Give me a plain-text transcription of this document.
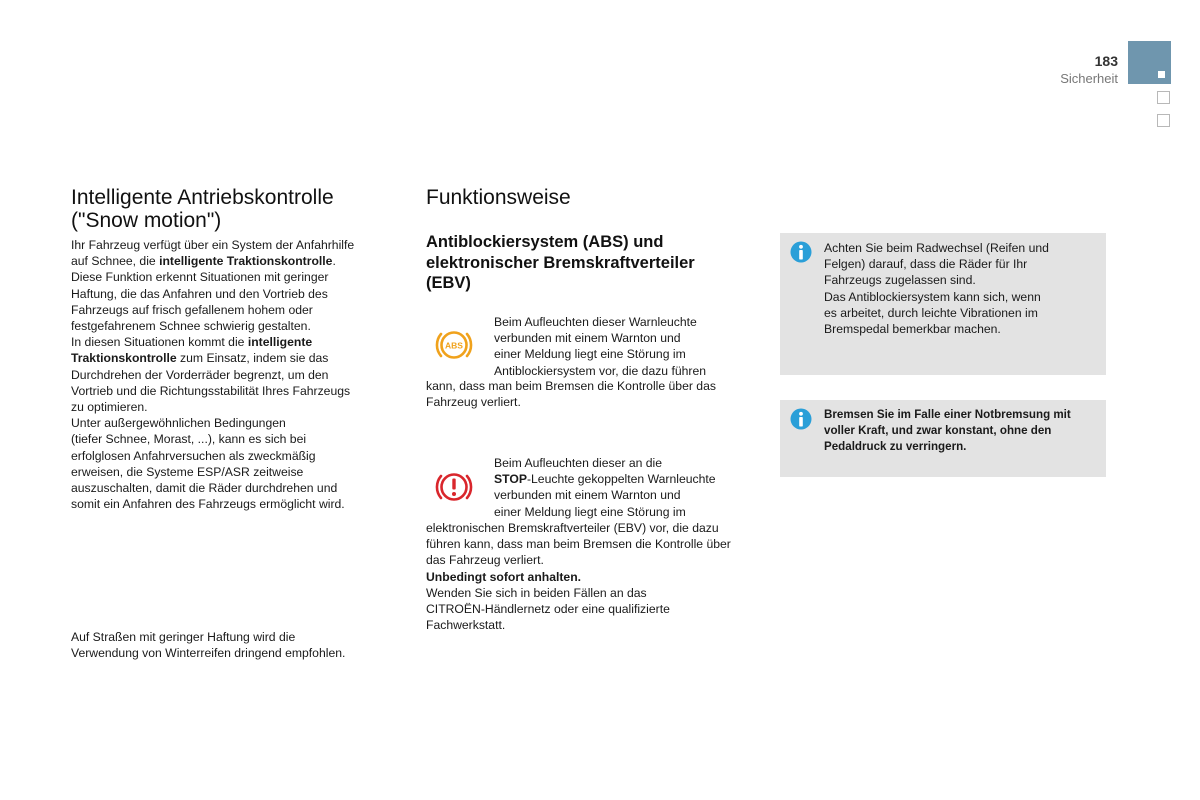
183
Sicherheit
Intelligente Antriebskontrolle
("Snow motion")
Ihr Fahrzeug verfügt über ein System der Anfahrhilfe
auf Schnee, die intelligente Traktionskontrolle.
Diese Funktion erkennt Situationen mit geringer
Haftung, die das Anfahren und den Vortrieb des
Fahrzeugs auf frisch gefallenem hohem oder
festgefahrenem Schnee schwierig gestalten.
In diesen Situationen kommt die intelligente
Traktionskontrolle zum Einsatz, indem sie das
Durchdrehen der Vorderräder begrenzt, um den
Vortrieb und die Richtungsstabilität Ihres Fahrzeugs
zu optimieren.
Unter außergewöhnlichen Bedingungen
(tiefer Schnee, Morast, ...), kann es sich bei
erfolglosen Anfahrversuchen als zweckmäßig
erweisen, die Systeme ESP/ASR zeitweise
auszuschalten, damit die Räder durchdrehen und
somit ein Anfahren des Fahrzeugs ermöglicht wird.
Auf Straßen mit geringer Haftung wird die
Verwendung von Winterreifen dringend empfohlen.
Funktionsweise
Antiblockiersystem (ABS) und
elektronischer Bremskraftverteiler
(EBV)
ABS
Beim Aufleuchten dieser Warnleuchte
verbunden mit einem Warnton und
einer Meldung liegt eine Störung im
Antiblockiersystem vor, die dazu führen
kann, dass man beim Bremsen die Kontrolle über das
Fahrzeug verliert.
Beim Aufleuchten dieser an die
STOP-Leuchte gekoppelten Warnleuchte
verbunden mit einem Warnton und
einer Meldung liegt eine Störung im
elektronischen Bremskraftverteiler (EBV) vor, die dazu
führen kann, dass man beim Bremsen die Kontrolle über
das Fahrzeug verliert.
Unbedingt sofort anhalten.
Wenden Sie sich in beiden Fällen an das
CITROËN-Händlernetz oder eine qualifizierte
Fachwerkstatt.
Achten Sie beim Radwechsel (Reifen und
Felgen) darauf, dass die Räder für Ihr
Fahrzeugs zugelassen sind.
Das Antiblockiersystem kann sich, wenn
es arbeitet, durch leichte Vibrationen im
Bremspedal bemerkbar machen.
Bremsen Sie im Falle einer Notbremsung mit
voller Kraft, und zwar konstant, ohne den
Pedaldruck zu verringern.
